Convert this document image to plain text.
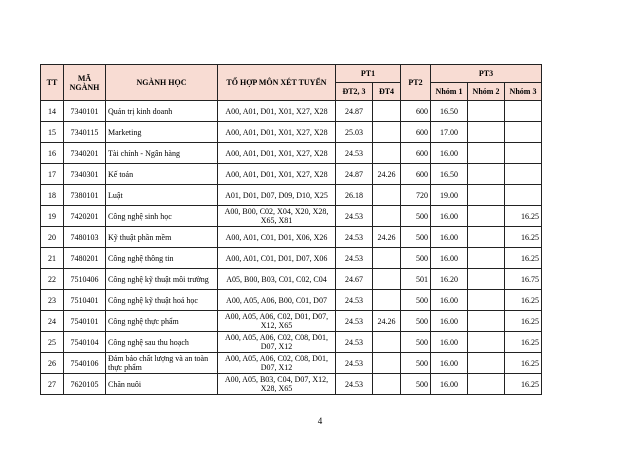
TT	MÃ NGÀNH	NGÀNH HỌC	TỔ HỢP MÔN XÉT TUYỂN	PT1		PT2	PT3		
				ĐT2, 3	ĐT4		Nhóm 1	Nhóm 2	Nhóm 3
14	7340101	Quản trị kinh doanh	A00, A01, D01, X01, X27, X28	24.87		600	16.50		
15	7340115	Marketing	A00, A01, D01, X01, X27, X28	25.03		600	17.00		
16	7340201	Tài chính - Ngân hàng	A00, A01, D01, X01, X27, X28	24.53		600	16.00		
17	7340301	Kế toán	A00, A01, D01, X01, X27, X28	24.87	24.26	600	16.50		
18	7380101	Luật	A01, D01, D07, D09, D10, X25	26.18		720	19.00		
19	7420201	Công nghệ sinh học	A00, B00, C02, X04, X20, X28, X65, X81	24.53		500	16.00		16.25
20	7480103	Kỹ thuật phần mềm	A00, A01, C01, D01, X06, X26	24.53	24.26	500	16.00		16.25
21	7480201	Công nghệ thông tin	A00, A01, C01, D01, D07, X06	24.53		500	16.00		16.25
22	7510406	Công nghệ kỹ thuật môi trường	A05, B00, B03, C01, C02, C04	24.67		501	16.20		16.75
23	7510401	Công nghệ kỹ thuật hoá học	A00, A05, A06, B00, C01, D07	24.53		500	16.00		16.25
24	7540101	Công nghệ thực phẩm	A00, A05, A06, C02, D01, D07, X12, X65	24.53	24.26	500	16.00		16.25
25	7540104	Công nghệ sau thu hoạch	A00, A05, A06, C02, C08, D01, D07, X12	24.53		500	16.00		16.25
26	7540106	Đảm bảo chất lượng và an toàn thực phẩm	A00, A05, A06, C02, C08, D01, D07, X12	24.53		500	16.00		16.25
27	7620105	Chăn nuôi	A00, A05, B03, C04, D07, X12, X28, X65	24.53		500	16.00		16.25
4
